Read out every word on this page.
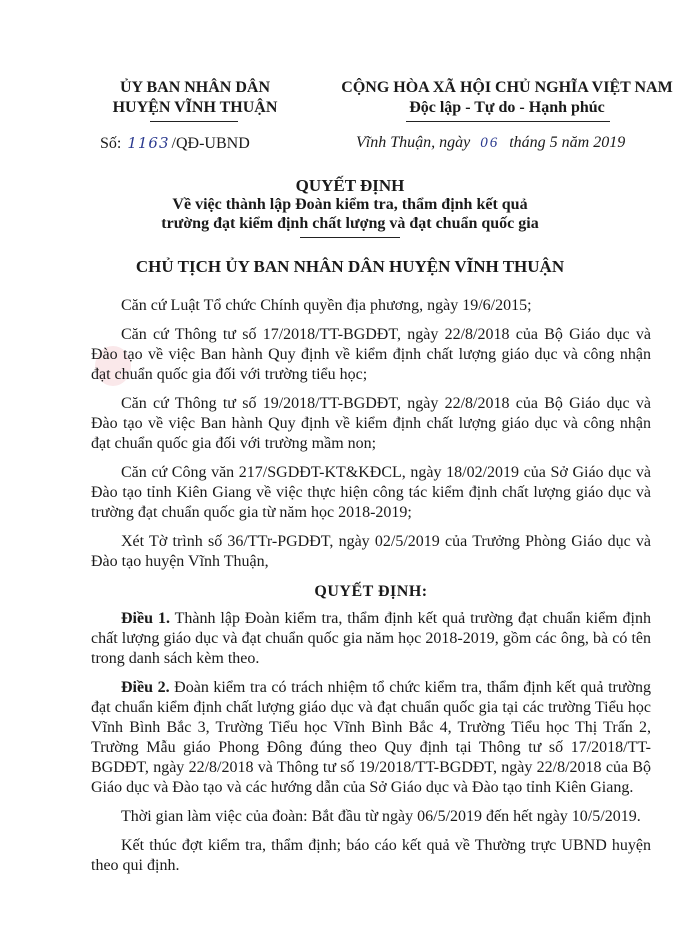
ỦY BAN NHÂN DÂN
HUYỆN VĨNH THUẬN
CỘNG HÒA XÃ HỘI CHỦ NGHĨA VIỆT NAM
Độc lập - Tự do - Hạnh phúc
Số: 1163 /QĐ-UBND	Vĩnh Thuận, ngày 06 tháng 5 năm 2019
QUYẾT ĐỊNH
Về việc thành lập Đoàn kiểm tra, thẩm định kết quả
trường đạt kiểm định chất lượng và đạt chuẩn quốc gia
CHỦ TỊCH ỦY BAN NHÂN DÂN HUYỆN VĨNH THUẬN

Căn cứ Luật Tổ chức Chính quyền địa phương, ngày 19/6/2015;

Căn cứ Thông tư số 17/2018/TT-BGDĐT, ngày 22/8/2018 của Bộ Giáo dục và Đào tạo về việc Ban hành Quy định về kiểm định chất lượng giáo dục và công nhận đạt chuẩn quốc gia đối với trường tiểu học;

Căn cứ Thông tư số 19/2018/TT-BGDĐT, ngày 22/8/2018 của Bộ Giáo dục và Đào tạo về việc Ban hành Quy định về kiểm định chất lượng giáo dục và công nhận đạt chuẩn quốc gia đối với trường mầm non;

Căn cứ Công văn 217/SGDĐT-KT&KĐCL, ngày 18/02/2019 của Sở Giáo dục và Đào tạo tỉnh Kiên Giang về việc thực hiện công tác kiểm định chất lượng giáo dục và trường đạt chuẩn quốc gia từ năm học 2018-2019;

Xét Tờ trình số 36/TTr-PGDĐT, ngày 02/5/2019 của Trưởng Phòng Giáo dục và Đào tạo huyện Vĩnh Thuận,

QUYẾT ĐỊNH:

Điều 1. Thành lập Đoàn kiểm tra, thẩm định kết quả trường đạt chuẩn kiểm định chất lượng giáo dục và đạt chuẩn quốc gia năm học 2018-2019, gồm các ông, bà có tên trong danh sách kèm theo.

Điều 2. Đoàn kiểm tra có trách nhiệm tổ chức kiểm tra, thẩm định kết quả trường đạt chuẩn kiểm định chất lượng giáo dục và đạt chuẩn quốc gia tại các trường Tiểu học Vĩnh Bình Bắc 3, Trường Tiểu học Vĩnh Bình Bắc 4, Trường Tiểu học Thị Trấn 2, Trường Mẫu giáo Phong Đông đúng theo Quy định tại Thông tư số 17/2018/TT-BGDĐT, ngày 22/8/2018 và Thông tư số 19/2018/TT-BGDĐT, ngày 22/8/2018 của Bộ Giáo dục và Đào tạo và các hướng dẫn của Sở Giáo dục và Đào tạo tỉnh Kiên Giang.

Thời gian làm việc của đoàn: Bắt đầu từ ngày 06/5/2019 đến hết ngày 10/5/2019.

Kết thúc đợt kiểm tra, thẩm định; báo cáo kết quả về Thường trực UBND huyện theo qui định.
